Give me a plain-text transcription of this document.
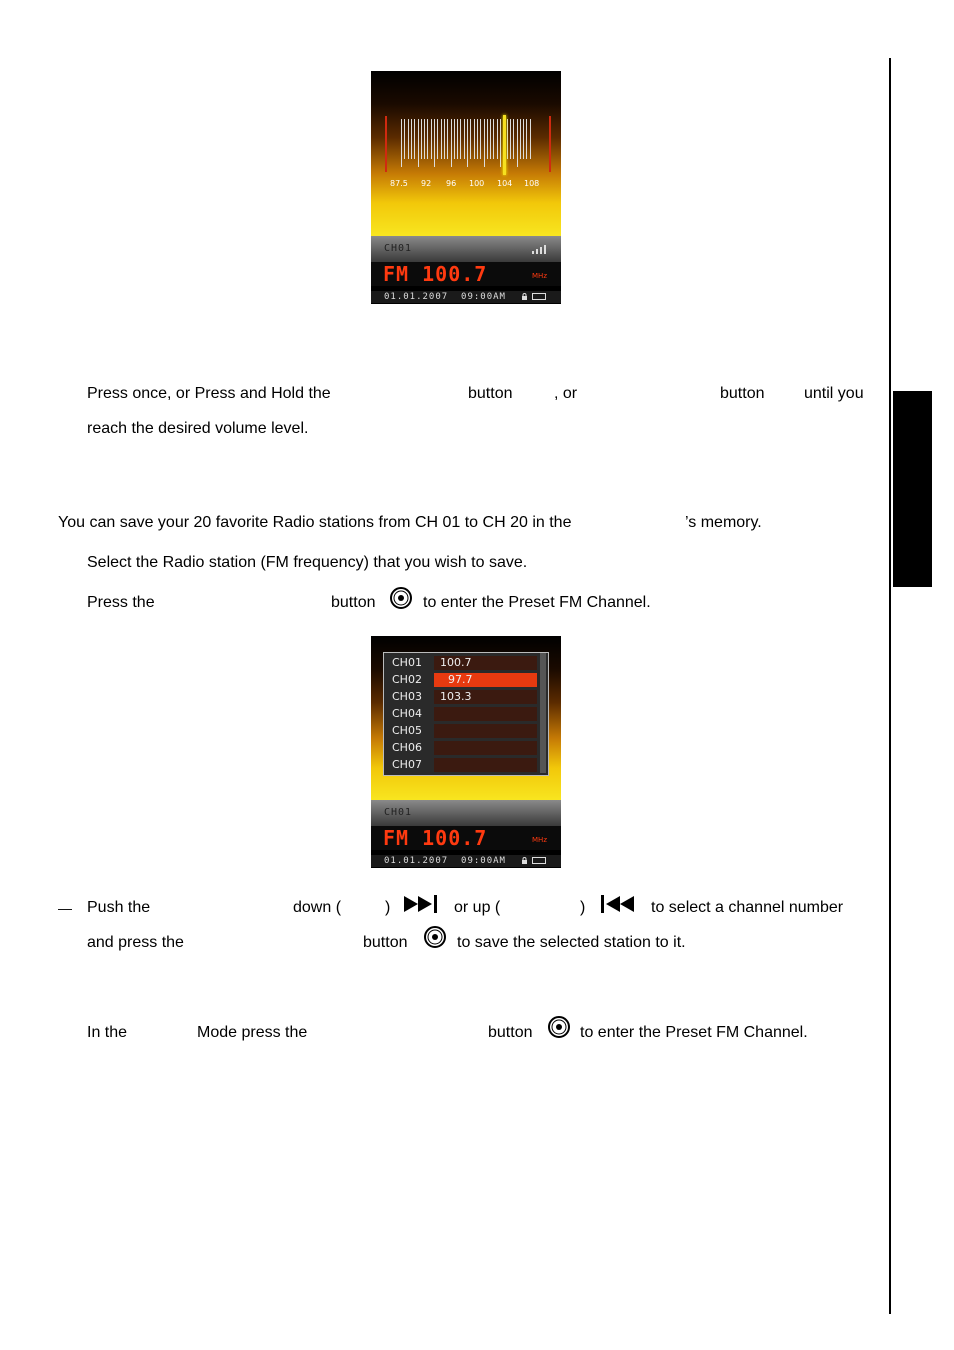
87.5 92 96 100 104 108
CH01
FM 100.7	MHz
01.01.2007 09:00AM
Press once, or Press and Hold the	button	, or	button until you
reach the desired volume level.
You can save your 20 favorite Radio stations from CH 01 to CH 20 in the	’s memory.
Select the Radio station (FM frequency) that you wish to save.
Press the	button	to enter the Preset FM Channel.
CH01 100.7
CH02 97.7
CH03 103.3
CH04
CH05
CH06
CH07
CH01
FM 100.7	MHz
01.01.2007 09:00AM
— Push the	down (	)	or up (	)	to select a channel number
and press the	button	to save the selected station to it.
In the	Mode press the	button	to enter the Preset FM Channel.
